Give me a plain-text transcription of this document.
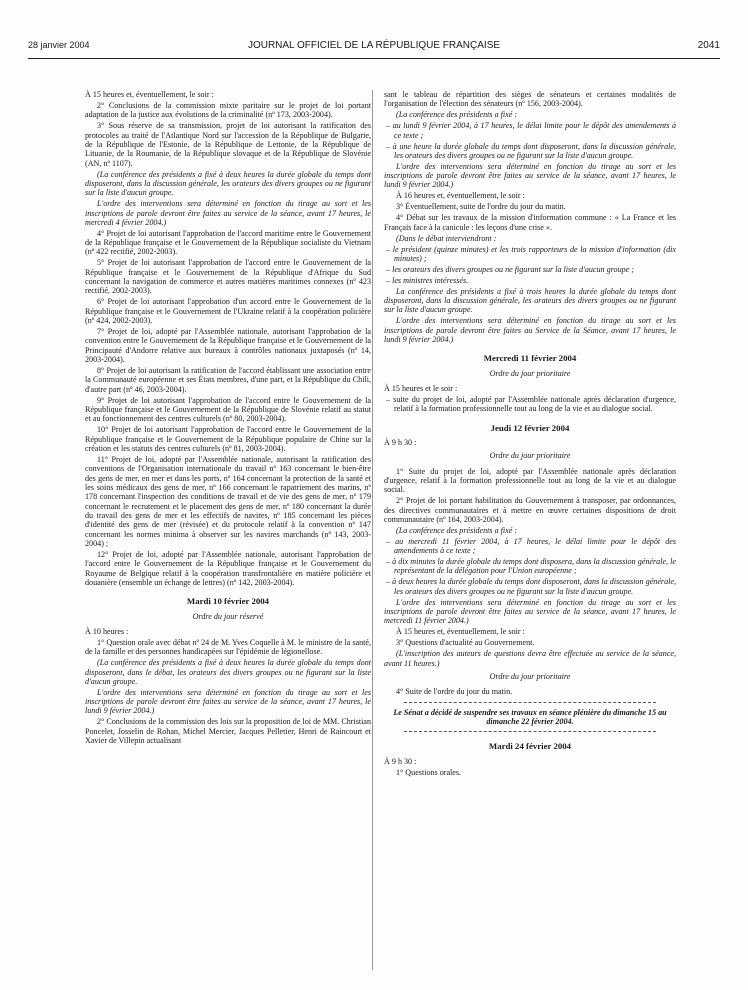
28 janvier 2004	JOURNAL OFFICIEL DE LA RÉPUBLIQUE FRANÇAISE	2041

À 15 heures et, éventuellement, le soir :

2° Conclusions de la commission mixte paritaire sur le projet de loi portant adaptation de la justice aux évolutions de la criminalité (nº 173, 2003-2004).

3° Sous réserve de sa transmission, projet de loi autorisant la ratification des protocoles au traité de l'Atlantique Nord sur l'accession de la République de Bulgarie, de la République de l'Estonie, de la République de Lettonie, de la République de Lituanie, de la Roumanie, de la République slovaque et de la République de Slovénie (AN, nº 1107).

(La conférence des présidents a fixé à deux heures la durée globale du temps dont disposeront, dans la discussion générale, les orateurs des divers groupes ou ne figurant sur la liste d'aucun groupe.

L'ordre des interventions sera déterminé en fonction du tirage au sort et les inscriptions de parole devront être faites au service de la séance, avant 17 heures, le mercredi 4 février 2004.)

4° Projet de loi autorisant l'approbation de l'accord maritime entre le Gouvernement de la République française et le Gouvernement de la République socialiste du Vietnam (nº 422 rectifié, 2002-2003).

5° Projet de loi autorisant l'approbation de l'accord entre le Gouvernement de la République française et le Gouvernement de la République d'Afrique du Sud concernant la navigation de commerce et autres matières maritimes connexes (nº 423 rectifié, 2002-2003).

6° Projet de loi autorisant l'approbation d'un accord entre le Gouvernement de la République française et le Gouvernement de l'Ukraine relatif à la coopération policière (nº 424, 2002-2003).

7° Projet de loi, adopté par l'Assemblée nationale, autorisant l'approbation de la convention entre le Gouvernement de la République française et le Gouvernement de la Principauté d'Andorre relative aux bureaux à contrôles nationaux juxtaposés (nº 14, 2003-2004).

8° Projet de loi autorisant la ratification de l'accord établissant une association entre la Communauté européenne et ses États membres, d'une part, et la République du Chili, d'autre part (nº 46, 2003-2004).

9° Projet de loi autorisant l'approbation de l'accord entre le Gouvernement de la République française et le Gouvernement de la République de Slovénie relatif au statut et au fonctionnement des centres culturels (nº 80, 2003-2004).

10° Projet de loi autorisant l'approbation de l'accord entre le Gouvernement de la République française et le Gouvernement de la République populaire de Chine sur la création et les statuts des centres culturels (nº 81, 2003-2004).

11° Projet de loi, adopté par l'Assemblée nationale, autorisant la ratification des conventions de l'Organisation internationale du travail nº 163 concernant le bien-être des gens de mer, en mer et dans les ports, nº 164 concernant la protection de la santé et les soins médicaux des gens de mer, nº 166 concernant le rapatriement des marins, nº 178 concernant l'inspection des conditions de travail et de vie des gens de mer, nº 179 concernant le recrutement et le placement des gens de mer, nº 180 concernant la durée du travail des gens de mer et les effectifs de navires, nº 185 concernant les pièces d'identité des gens de mer (révisée) et du protocole relatif à la convention nº 147 concernant les normes minima à observer sur les navires marchands (nº 143, 2003-2004) ;

12° Projet de loi, adopté par l'Assemblée nationale, autorisant l'approbation de l'accord entre le Gouvernement de la République française et le Gouvernement du Royaume de Belgique relatif à la coopération transfrontalière en matière policière et douanière (ensemble un échange de lettres) (nº 142, 2003-2004).

Mardi 10 février 2004
Ordre du jour réservé

À 10 heures :

1° Question orale avec débat nº 24 de M. Yves Coquelle à M. le ministre de la santé, de la famille et des personnes handicapées sur l'épidémie de légionellose.

(La conférence des présidents a fixé à deux heures la durée globale du temps dont disposeront, dans le débat, les orateurs des divers groupes ou ne figurant sur la liste d'aucun groupe.

L'ordre des interventions sera déterminé en fonction du tirage au sort et les inscriptions de parole devront être faites au service de la séance, avant 17 heures, le lundi 9 février 2004.)

2° Conclusions de la commission des lois sur la proposition de loi de MM. Christian Poncelet, Josselin de Rohan, Michel Mercier, Jacques Pelletier, Henri de Raincourt et Xavier de Villepin actualisant

sant le tableau de répartition des sièges de sénateurs et certaines modalités de l'organisation de l'élection des sénateurs (nº 156, 2003-2004).

(La conférence des présidents a fixé :

– au lundi 9 février 2004, à 17 heures, le délai limite pour le dépôt des amendements à ce texte ;

– à une heure la durée globale du temps dont disposeront, dans la discussion générale, les orateurs des divers groupes ou ne figurant sur la liste d'aucun groupe.

L'ordre des interventions sera déterminé en fonction du tirage au sort et les inscriptions de parole devront être faites au service de la séance, avant 17 heures, le lundi 9 février 2004.)

À 16 heures et, éventuellement, le soir :

3° Éventuellement, suite de l'ordre du jour du matin.

4° Débat sur les travaux de la mission d'information commune : « La France et les Français face à la canicule : les leçons d'une crise ».

(Dans le débat interviendront :

– le président (quinze minutes) et les trois rapporteurs de la mission d'information (dix minutes) ;

– les orateurs des divers groupes ou ne figurant sur la liste d'aucun groupe ;

– les ministres intéressés.

La conférence des présidents a fixé à trois heures la durée globale du temps dont disposeront, dans la discussion générale, les orateurs des divers groupes ou ne figurant sur la liste d'aucun groupe.

L'ordre des interventions sera déterminé en fonction du tirage au sort et les inscriptions de parole devront être faites au Service de la Séance, avant 17 heures, le lundi 9 février 2004.)

Mercredi 11 février 2004
Ordre du jour prioritaire

À 15 heures et le soir :

– suite du projet de loi, adopté par l'Assemblée nationale après déclaration d'urgence, relatif à la formation professionnelle tout au long de la vie et au dialogue social.

Jeudi 12 février 2004

À 9 h 30 :

Ordre du jour prioritaire

1° Suite du projet de loi, adopté par l'Assemblée nationale après déclaration d'urgence, relatif à la formation professionnelle tout au long de la vie et au dialogue social.

2° Projet de loi portant habilitation du Gouvernement à transposer, par ordonnances, des directives communautaires et à mettre en œuvre certaines dispositions de droit communautaire (nº 164, 2003-2004).

(La conférence des présidents a fixé :

– au mercredi 11 février 2004, à 17 heures, le délai limite pour le dépôt des amendements à ce texte ;

– à dix minutes la durée globale du temps dont disposera, dans la discussion générale, le représentant de la délégation pour l'Union européenne ;

– à deux heures la durée globale du temps dont disposeront, dans la discussion générale, les orateurs des divers groupes ou ne figurant sur la liste d'aucun groupe.

L'ordre des interventions sera déterminé en fonction du tirage au sort et les inscriptions de parole devront être faites au service de la séance, avant 17 heures, le mercredi 11 février 2004.)

À 15 heures et, éventuellement, le soir :

3° Questions d'actualité au Gouvernement.

(L'inscription des auteurs de questions devra être effectuée au service de la séance, avant 11 heures.)

Ordre du jour prioritaire

4° Suite de l'ordre du jour du matin.

Le Sénat a décidé de suspendre ses travaux en séance plénière du dimanche 15 au dimanche 22 février 2004.
Mardi 24 février 2004

À 9 h 30 :

1° Questions orales.
